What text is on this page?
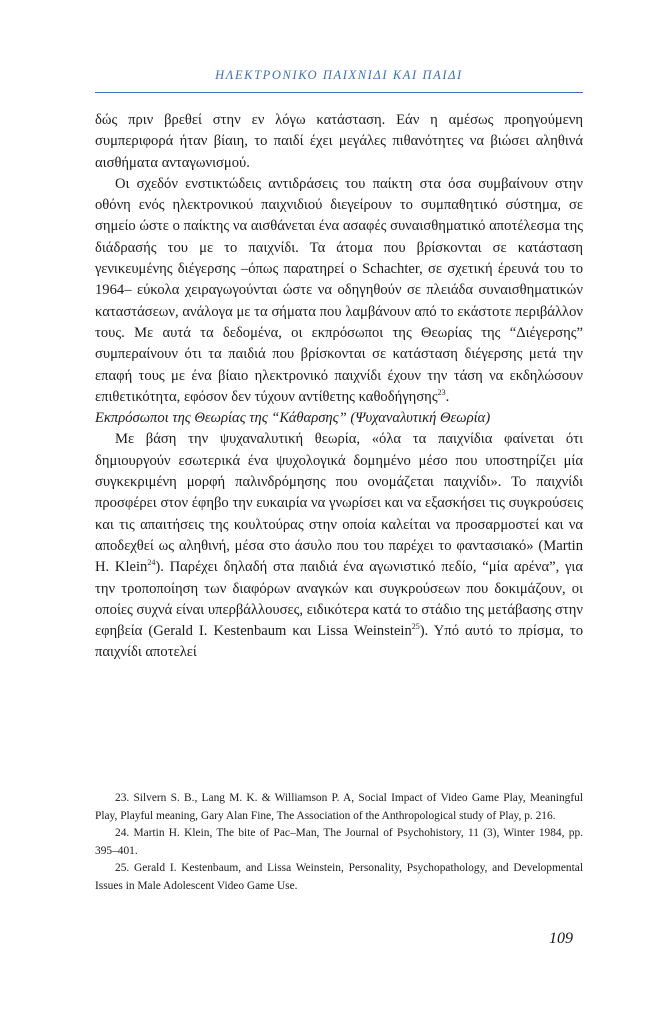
ΗΛΕΚΤΡΟΝΙΚΟ ΠΑΙΧΝΙΔΙ ΚΑΙ ΠΑΙΔΙ

δώς πριν βρεθεί στην εν λόγω κατάσταση. Εάν η αμέσως προηγούμενη συμπεριφορά ήταν βίαιη, το παιδί έχει μεγάλες πιθανότητες να βιώσει αληθινά αισθήματα ανταγωνισμού.

Οι σχεδόν ενστικτώδεις αντιδράσεις του παίκτη στα όσα συμβαίνουν στην οθόνη ενός ηλεκτρονικού παιχνιδιού διεγείρουν το συμπαθητικό σύστημα, σε σημείο ώστε ο παίκτης να αισθάνεται ένα ασαφές συναισθηματικό αποτέλεσμα της διάδρασής του με το παιχνίδι. Τα άτομα που βρίσκονται σε κατάσταση γενικευμένης διέγερσης –όπως παρατηρεί ο Schachter, σε σχετική έρευνά του το 1964– εύκολα χειραγωγούνται ώστε να οδηγηθούν σε πλειάδα συναισθηματικών καταστάσεων, ανάλογα με τα σήματα που λαμβάνουν από το εκάστοτε περιβάλλον τους. Με αυτά τα δεδομένα, οι εκπρόσωποι της Θεωρίας της “Διέγερσης” συμπεραίνουν ότι τα παιδιά που βρίσκονται σε κατάσταση διέγερσης μετά την επαφή τους με ένα βίαιο ηλεκτρονικό παιχνίδι έχουν την τάση να εκδηλώσουν επιθετικότητα, εφόσον δεν τύχουν αντίθετης καθοδήγησης$^{23}$.

Εκπρόσωποι της Θεωρίας της “Κάθαρσης” (Ψυχαναλυτική Θεωρία)

Με βάση την ψυχαναλυτική θεωρία, «όλα τα παιχνίδια φαίνεται ότι δημιουργούν εσωτερικά ένα ψυχολογικά δομημένο μέσο που υποστηρίζει μία συγκεκριμένη μορφή παλινδρόμησης που ονομάζεται παιχνίδι». Το παιχνίδι προσφέρει στον έφηβο την ευκαιρία να γνωρίσει και να εξασκήσει τις συγκρούσεις και τις απαιτήσεις της κουλτούρας στην οποία καλείται να προσαρμοστεί και να αποδεχθεί ως αληθινή, μέσα στο άσυλο που του παρέχει το φαντασιακό» (Martin H. Klein$^{24}$). Παρέχει δηλαδή στα παιδιά ένα αγωνιστικό πεδίο, “μία αρένα”, για την τροποποίηση των διαφόρων αναγκών και συγκρούσεων που δοκιμάζουν, οι οποίες συχνά είναι υπερβάλλουσες, ειδικότερα κατά το στάδιο της μετάβασης στην εφηβεία (Gerald I. Kestenbaum και Lissa Weinstein$^{25}$). Υπό αυτό το πρίσμα, το παιχνίδι αποτελεί

23. Silvern S. B., Lang M. K. & Williamson P. A, Social Impact of Video Game Play, Meaningful Play, Playful meaning, Gary Alan Fine, The Association of the Anthropological study of Play, p. 216.

24. Martin H. Klein, The bite of Pac–Man, The Journal of Psychohistory, 11 (3), Winter 1984, pp. 395–401.

25. Gerald I. Kestenbaum, and Lissa Weinstein, Personality, Psychopathology, and Developmental Issues in Male Adolescent Video Game Use.

109
